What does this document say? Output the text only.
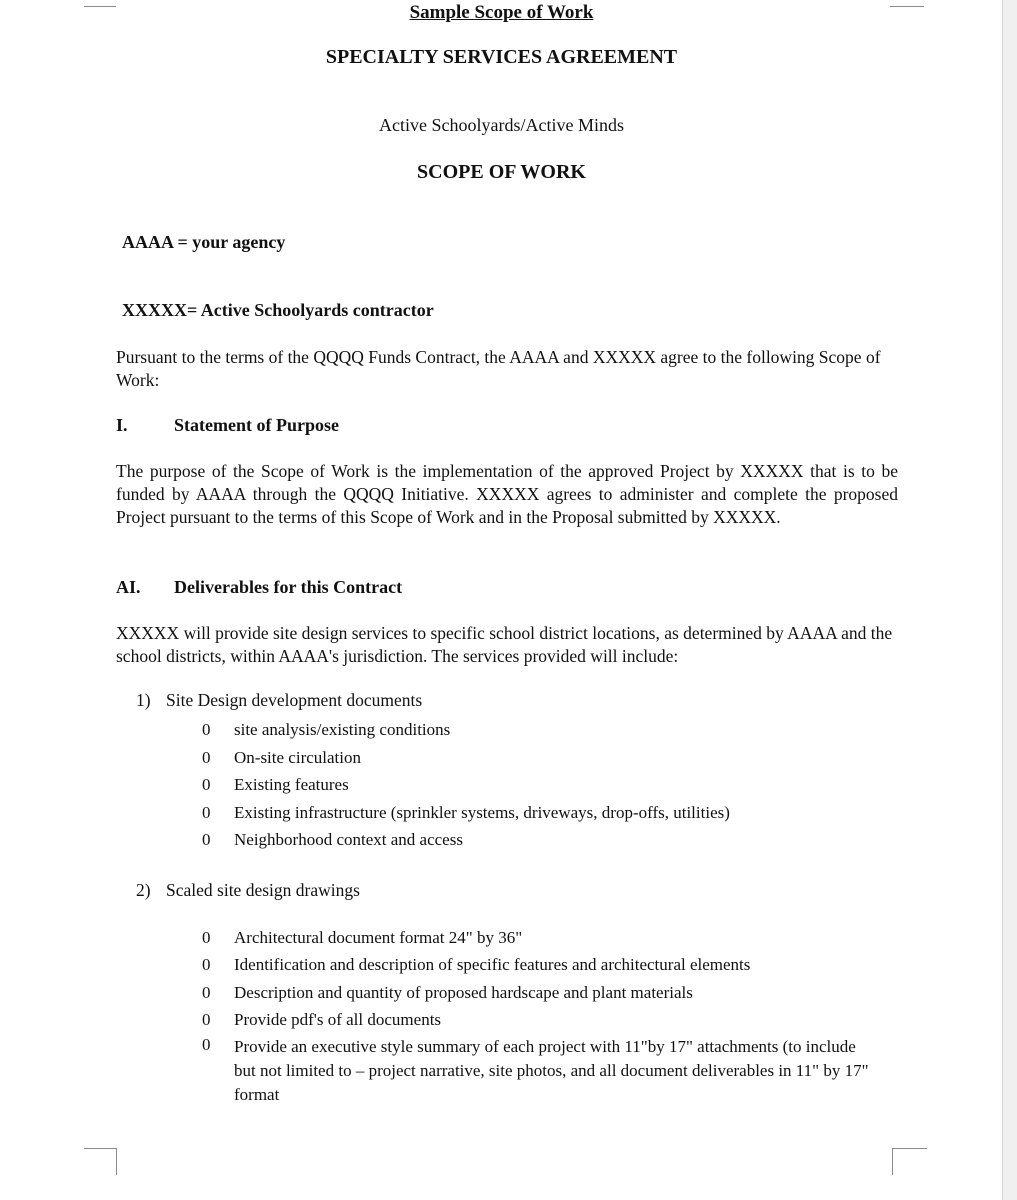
Sample Scope of Work
SPECIALTY SERVICES AGREEMENT
Active Schoolyards/Active Minds
SCOPE OF WORK
AAAA = your agency
XXXXX= Active Schoolyards contractor

Pursuant to the terms of the QQQQ Funds Contract, the AAAA and XXXXX agree to the following Scope of Work:

I.	Statement of Purpose

The purpose of the Scope of Work is the implementation of the approved Project by XXXXX that is to be funded by AAAA through the QQQQ Initiative. XXXXX agrees to administer and complete the proposed Project pursuant to the terms of this Scope of Work and in the Proposal submitted by XXXXX.

AI. Deliverables for this Contract

XXXXX will provide site design services to specific school district locations, as determined by AAAA and the school districts, within AAAA's jurisdiction. The services provided will include:

1) Site Design development documents
0 site analysis/existing conditions
0 On-site circulation
0 Existing features
0 Existing infrastructure (sprinkler systems, driveways, drop-offs, utilities)
0 Neighborhood context and access
2) Scaled site design drawings
0 Architectural document format 24" by 36"
0 Identification and description of specific features and architectural elements
0 Description and quantity of proposed hardscape and plant materials
0 Provide pdf's of all documents
0 Provide an executive style summary of each project with 11"by 17" attachments (to include but not limited to – project narrative, site photos, and all document deliverables in 11" by 17" format
